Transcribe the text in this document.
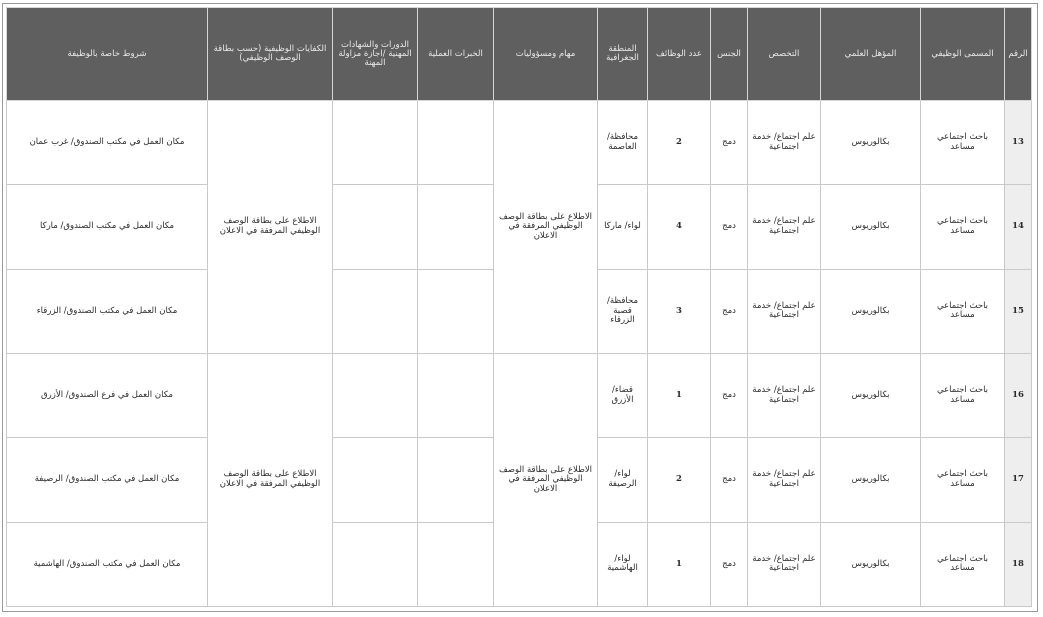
الرقم	المسمى الوظيفي	المؤهل العلمي	التخصص	الجنس	عدد الوظائف	المنطقة الجغرافية	مهام ومسؤوليات	الخبرات العملية	الدورات والشهادات المهنية /اجازة مزاولة المهنة	الكفايات الوظيفية (حسب بطاقة الوصف الوظيفي)	شروط خاصة بالوظيفة
13	باحث اجتماعي مساعد	بكالوريوس	علم اجتماع/ خدمة اجتماعية	دمج	2	محافظة/ العاصمة	الاطلاع على بطاقة الوصف الوظيفي المرفقة في الاعلان			الاطلاع على بطاقة الوصف الوظيفي المرفقة في الاعلان	مكان العمل في مكتب الصندوق/ غرب عمان
14	باحث اجتماعي مساعد	بكالوريوس	علم اجتماع/ خدمة اجتماعية	دمج	4	لواء/ ماركا					مكان العمل في مكتب الصندوق/ ماركا
15	باحث اجتماعي مساعد	بكالوريوس	علم اجتماع/ خدمة اجتماعية	دمج	3	محافظة/ قصبة الزرقاء					مكان العمل في مكتب الصندوق/ الزرقاء
16	باحث اجتماعي مساعد	بكالوريوس	علم اجتماع/ خدمة اجتماعية	دمج	1	قضاء/ الأزرق	الاطلاع على بطاقة الوصف الوظيفي المرفقة في الاعلان			الاطلاع على بطاقة الوصف الوظيفي المرفقة في الاعلان	مكان العمل في فرع الصندوق/ الأزرق
17	باحث اجتماعي مساعد	بكالوريوس	علم اجتماع/ خدمة اجتماعية	دمج	2	لواء/ الرصيفة					مكان العمل في مكتب الصندوق/ الرصيفة
18	باحث اجتماعي مساعد	بكالوريوس	علم اجتماع/ خدمة اجتماعية	دمج	1	لواء/ الهاشمية					مكان العمل في مكتب الصندوق/ الهاشمية
